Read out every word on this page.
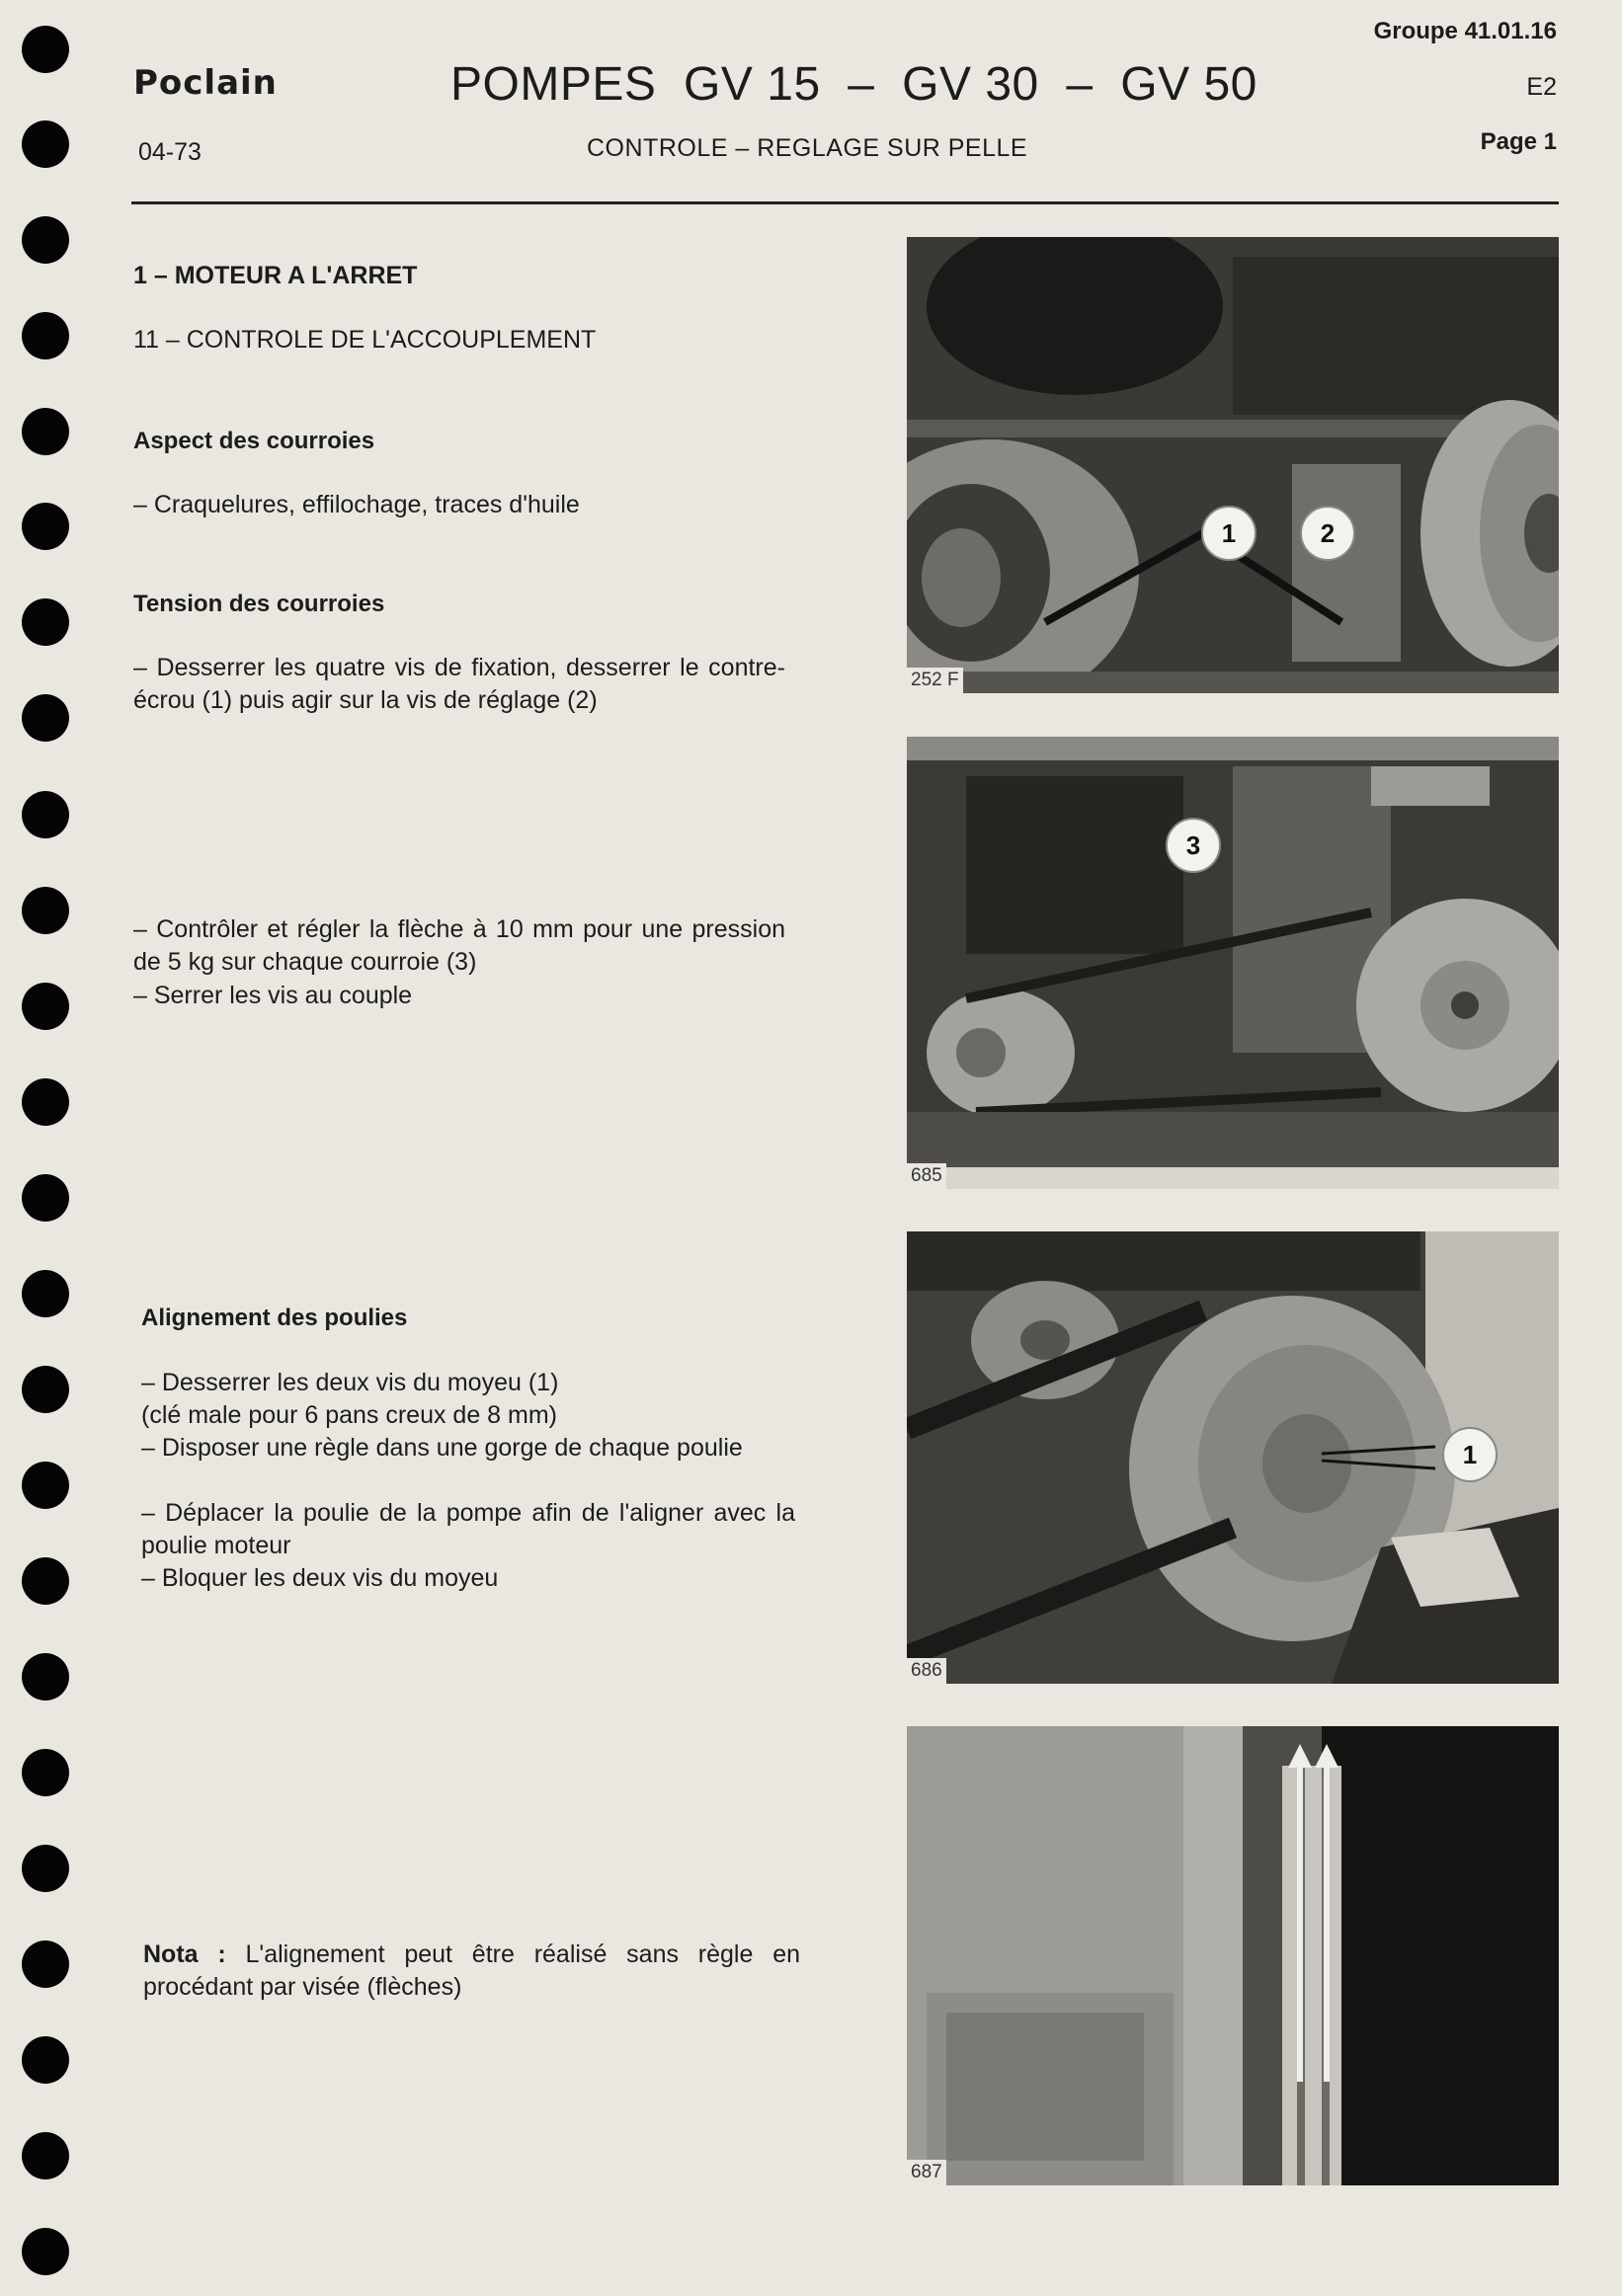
Poclain
04-73
POMPES  GV 15  –  GV 30  –  GV 50
CONTROLE – REGLAGE SUR PELLE
Groupe 41.01.16
E2
Page 1
1 – MOTEUR A L'ARRET
11 – CONTROLE DE L'ACCOUPLEMENT
Aspect des courroies
– Craquelures, effilochage, traces d'huile
Tension des courroies
– Desserrer les quatre vis de fixation, desserrer le contre-écrou (1) puis agir sur la vis de réglage (2)
– Contrôler et régler la flèche à 10 mm pour une pression de 5 kg sur chaque courroie (3)
– Serrer les vis au couple
Alignement des poulies
– Desserrer les deux vis du moyeu (1)
(clé male pour 6 pans creux de 8 mm)
– Disposer une règle dans une gorge de chaque poulie
– Déplacer la poulie de la pompe afin de l'aligner avec la poulie moteur
– Bloquer les deux vis du moyeu
Nota : L'alignement peut être réalisé sans règle en procédant par visée (flèches)
1	2
252 F
3
685
1
686
687
